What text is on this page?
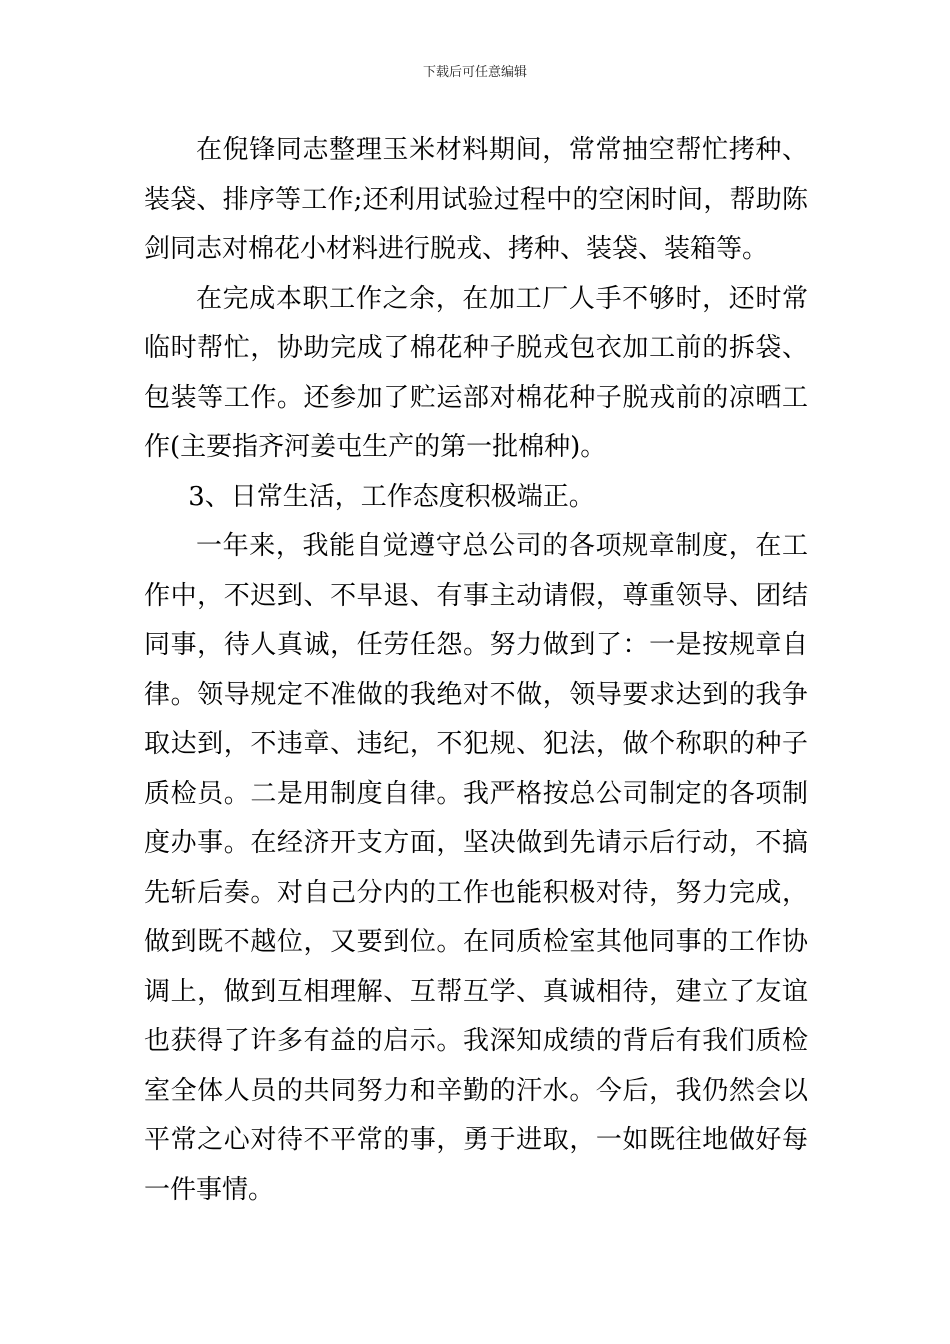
下载后可任意编辑

在倪锋同志整理玉米材料期间，常常抽空帮忙拷种、装袋、排序等工作;还利用试验过程中的空闲时间，帮助陈剑同志对棉花小材料进行脱戎、拷种、装袋、装箱等。

在完成本职工作之余，在加工厂人手不够时，还时常临时帮忙，协助完成了棉花种子脱戎包衣加工前的拆袋、包装等工作。还参加了贮运部对棉花种子脱戎前的凉晒工作(主要指齐河姜屯生产的第一批棉种)。

3、日常生活，工作态度积极端正。

一年来，我能自觉遵守总公司的各项规章制度，在工作中，不迟到、不早退、有事主动请假，尊重领导、团结同事，待人真诚，任劳任怨。努力做到了：一是按规章自律。领导规定不准做的我绝对不做，领导要求达到的我争取达到，不违章、违纪，不犯规、犯法，做个称职的种子质检员。二是用制度自律。我严格按总公司制定的各项制度办事。在经济开支方面，坚决做到先请示后行动，不搞先斩后奏。对自己分内的工作也能积极对待，努力完成，做到既不越位，又要到位。在同质检室其他同事的工作协调上，做到互相理解、互帮互学、真诚相待，建立了友谊也获得了许多有益的启示。我深知成绩的背后有我们质检室全体人员的共同努力和辛勤的汗水。今后，我仍然会以平常之心对待不平常的事，勇于进取，一如既往地做好每一件事情。
